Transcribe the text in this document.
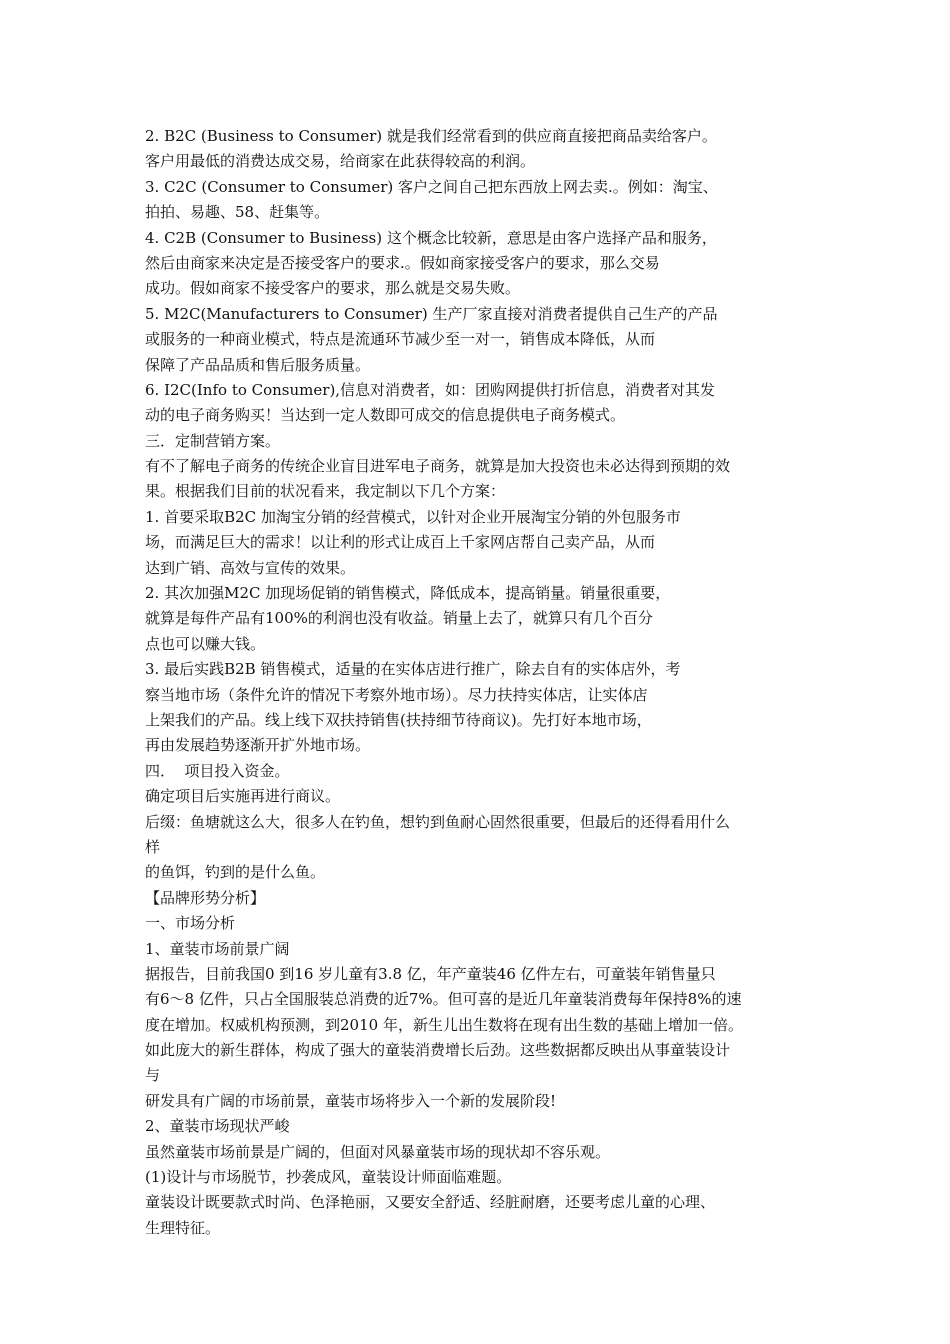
2. B2C (Business to Consumer) 就是我们经常看到的供应商直接把商品卖给客户。
客户用最低的消费达成交易，给商家在此获得较高的利润。
3. C2C (Consumer to Consumer) 客户之间自己把东西放上网去卖.。例如：淘宝、
拍拍、易趣、58、赶集等。
4. C2B (Consumer to Business) 这个概念比较新，意思是由客户选择产品和服务，
然后由商家来决定是否接受客户的要求.。假如商家接受客户的要求，那么交易
成功。假如商家不接受客户的要求，那么就是交易失败。
5. M2C(Manufacturers to Consumer) 生产厂家直接对消费者提供自己生产的产品
或服务的一种商业模式，特点是流通环节减少至一对一，销售成本降低，从而
保障了产品品质和售后服务质量。
6. I2C(Info to Consumer),信息对消费者，如：团购网提供打折信息，消费者对其发
动的电子商务购买！当达到一定人数即可成交的信息提供电子商务模式。
三．定制营销方案。
有不了解电子商务的传统企业盲目进军电子商务，就算是加大投资也未必达得到预期的效
果。根据我们目前的状况看来，我定制以下几个方案：
1. 首要采取B2C 加淘宝分销的经营模式，以针对企业开展淘宝分销的外包服务市
场，而满足巨大的需求！以让利的形式让成百上千家网店帮自己卖产品，从而
达到广销、高效与宣传的效果。
2. 其次加强M2C 加现场促销的销售模式，降低成本，提高销量。销量很重要，
就算是每件产品有100%的利润也没有收益。销量上去了，就算只有几个百分
点也可以赚大钱。
3. 最后实践B2B 销售模式，适量的在实体店进行推广，除去自有的实体店外，考
察当地市场（条件允许的情况下考察外地市场）。尽力扶持实体店，让实体店
上架我们的产品。线上线下双扶持销售(扶持细节待商议)。先打好本地市场，
再由发展趋势逐渐开扩外地市场。
四．  项目投入资金。
确定项目后实施再进行商议。
后缀：鱼塘就这么大，很多人在钓鱼，想钓到鱼耐心固然很重要，但最后的还得看用什么
样
的鱼饵，钓到的是什么鱼。
【品牌形势分析】
一、市场分析
1、童装市场前景广阔
据报告，目前我国0 到16 岁儿童有3.8 亿，年产童装46 亿件左右，可童装年销售量只
有6～8 亿件，只占全国服装总消费的近7%。但可喜的是近几年童装消费每年保持8%的速
度在增加。权威机构预测，到2010 年，新生儿出生数将在现有出生数的基础上增加一倍。
如此庞大的新生群体，构成了强大的童装消费增长后劲。这些数据都反映出从事童装设计
与
研发具有广阔的市场前景，童装市场将步入一个新的发展阶段!
2、童装市场现状严峻
虽然童装市场前景是广阔的，但面对风暴童装市场的现状却不容乐观。
(1)设计与市场脱节，抄袭成风，童装设计师面临难题。
童装设计既要款式时尚、色泽艳丽，又要安全舒适、经脏耐磨，还要考虑儿童的心理、
生理特征。
